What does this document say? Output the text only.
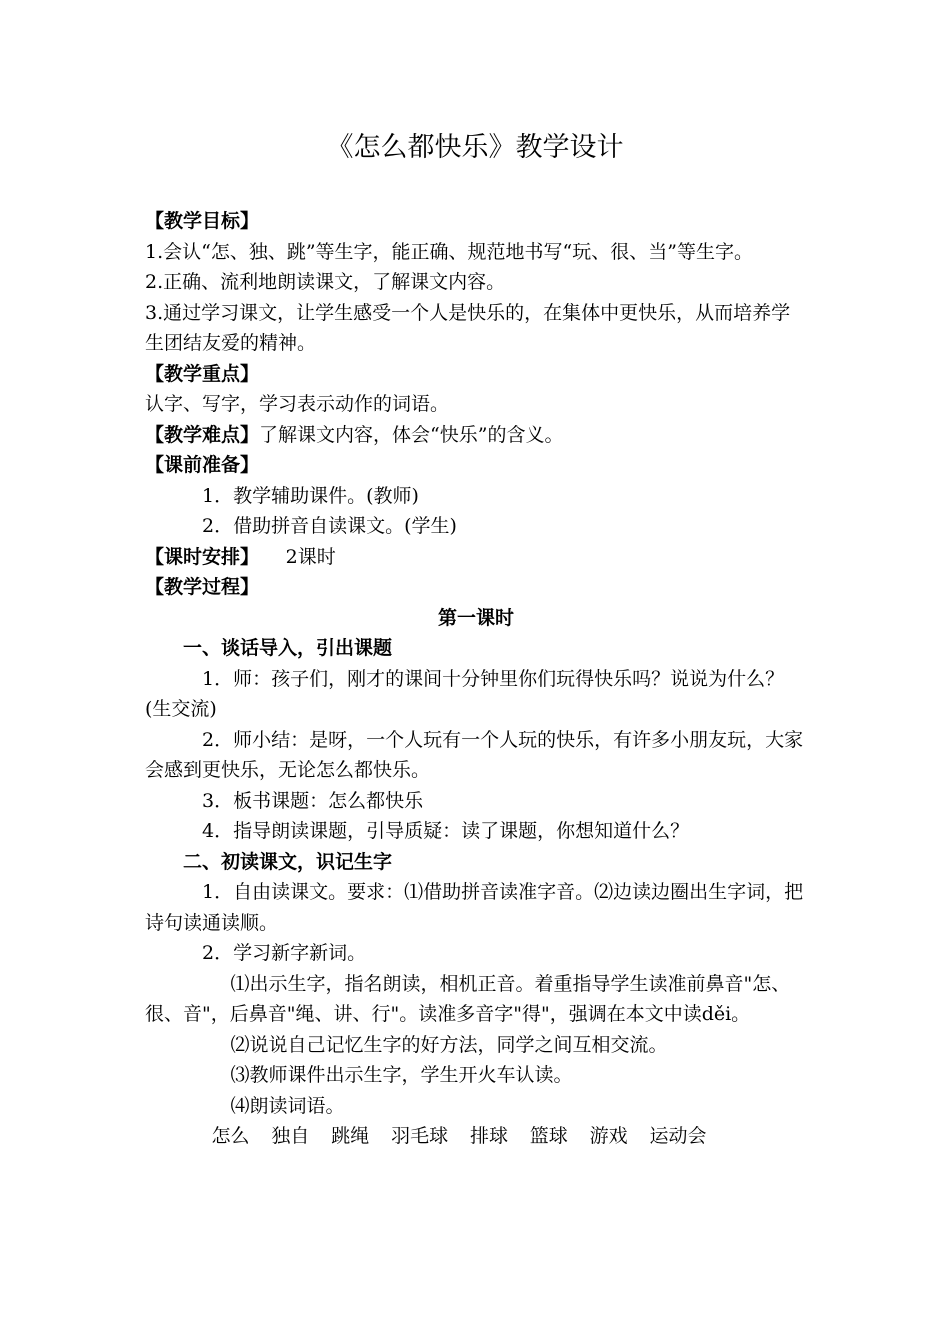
《怎么都快乐》教学设计

【教学目标】

1.会认“怎、独、跳”等生字，能正确、规范地书写“玩、很、当”等生字。

2.正确、流利地朗读课文，了解课文内容。

3.通过学习课文，让学生感受一个人是快乐的，在集体中更快乐，从而培养学生团结友爱的精神。

【教学重点】

认字、写字，学习表示动作的词语。

【教学难点】了解课文内容，体会“快乐”的含义。

【课前准备】

1．教学辅助课件。(教师)

2．借助拼音自读课文。(学生)

【课时安排】 2课时

【教学过程】

第一课时

一、谈话导入，引出课题

1．师：孩子们，刚才的课间十分钟里你们玩得快乐吗？说说为什么？(生交流)

2．师小结：是呀，一个人玩有一个人玩的快乐，有许多小朋友玩，大家会感到更快乐，无论怎么都快乐。

3．板书课题：怎么都快乐

4．指导朗读课题，引导质疑：读了课题，你想知道什么？

二、初读课文，识记生字

1．自由读课文。要求：⑴借助拼音读准字音。⑵边读边圈出生字词，把诗句读通读顺。

2．学习新字新词。

⑴出示生字，指名朗读，相机正音。着重指导学生读准前鼻音"怎、很、音"，后鼻音"绳、讲、行"。读准多音字"得"，强调在本文中读děi。

⑵说说自己记忆生字的好方法，同学之间互相交流。

⑶教师课件出示生字，学生开火车认读。

⑷朗读词语。

怎么 独自 跳绳 羽毛球 排球 篮球 游戏 运动会
